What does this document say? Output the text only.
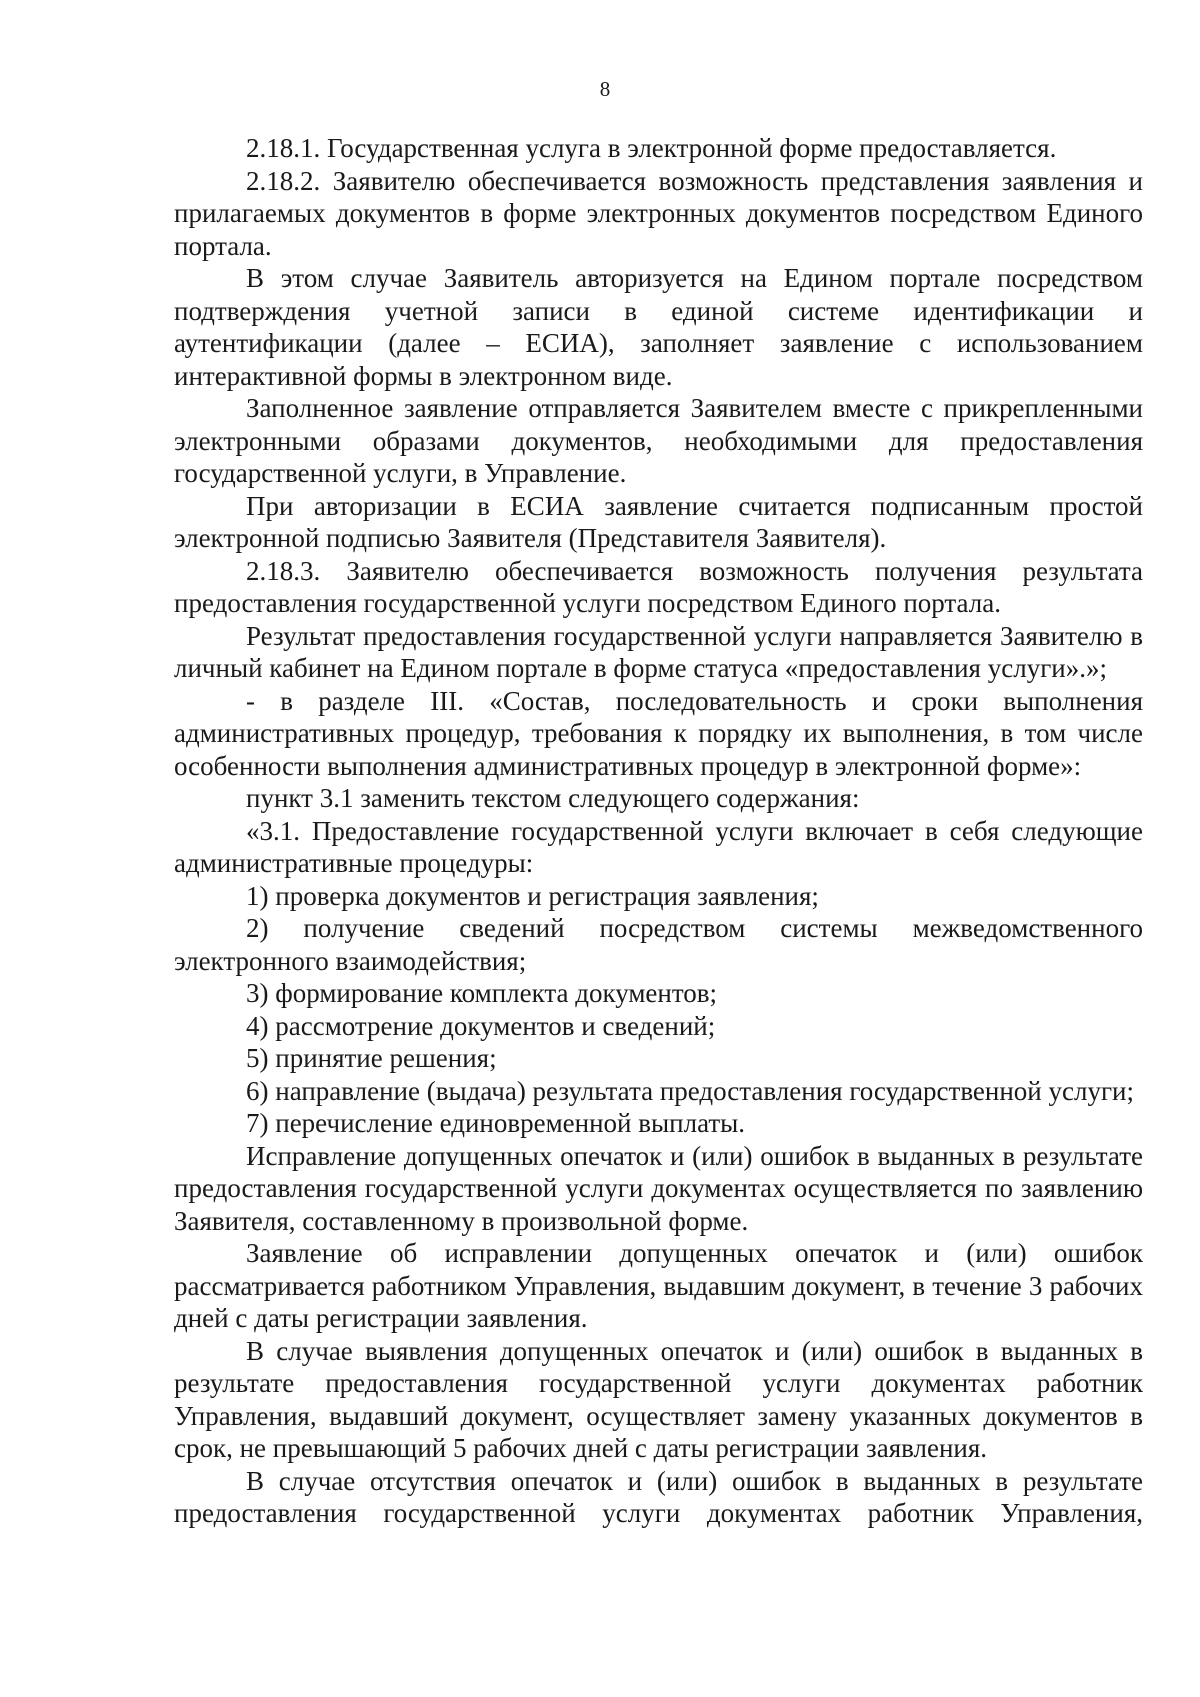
8

2.18.1. Государственная услуга в электронной форме предоставляется.

2.18.2. Заявителю обеспечивается возможность представления заявления и прилагаемых документов в форме электронных документов посредством Единого портала.

В этом случае Заявитель авторизуется на Едином портале посредством подтверждения учетной записи в единой системе идентификации и аутентификации (далее – ЕСИА), заполняет заявление с использованием интерактивной формы в электронном виде.

Заполненное заявление отправляется Заявителем вместе с прикрепленными электронными образами документов, необходимыми для предоставления государственной услуги, в Управление.

При авторизации в ЕСИА заявление считается подписанным простой электронной подписью Заявителя (Представителя Заявителя).

2.18.3. Заявителю обеспечивается возможность получения результата предоставления государственной услуги посредством Единого портала.

Результат предоставления государственной услуги направляется Заявителю в личный кабинет на Едином портале в форме статуса «предоставления услуги».»;

- в разделе III. «Состав, последовательность и сроки выполнения административных процедур, требования к порядку их выполнения, в том числе особенности выполнения административных процедур в электронной форме»:

пункт 3.1 заменить текстом следующего содержания:

«3.1. Предоставление государственной услуги включает в себя следующие административные процедуры:

1) проверка документов и регистрация заявления;

2) получение сведений посредством системы межведомственного электронного взаимодействия;

3) формирование комплекта документов;

4) рассмотрение документов и сведений;

5) принятие решения;

6) направление (выдача) результата предоставления государственной услуги;

7) перечисление единовременной выплаты.

Исправление допущенных опечаток и (или) ошибок в выданных в результате предоставления государственной услуги документах осуществляется по заявлению Заявителя, составленному в произвольной форме.

Заявление об исправлении допущенных опечаток и (или) ошибок рассматривается работником Управления, выдавшим документ, в течение 3 рабочих дней с даты регистрации заявления.

В случае выявления допущенных опечаток и (или) ошибок в выданных в результате предоставления государственной услуги документах работник Управления, выдавший документ, осуществляет замену указанных документов в срок, не превышающий 5 рабочих дней с даты регистрации заявления.

В случае отсутствия опечаток и (или) ошибок в выданных в результате предоставления государственной услуги документах работник Управления,
